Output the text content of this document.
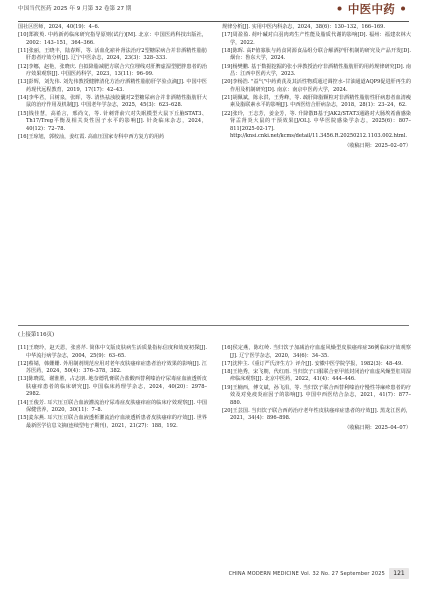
中国当代医药 2025 年 9 月第 32 卷第 27 期	• 中医中药 •

国社区医师，2024，40(19)：4–6.

[10]郑筱萸. 中药新药临床研究指导原则(试行)[M]. 北京：中国医药科技出版社，2002：143–151，364–366.

[11]张丽，王晓丰，陆春辉，等. 活血化瘀补肾法治疗2型糖尿病合并非酒精性脂肪肝患者疗效分析[J]. 辽宁中医杂志，2024，23(3)：328–333.

[12]李娜，赵艳，张晓庆. 自拟降脂减肥方联合穴位埋线对肝脾虚湿型肥胖患者的治疗效果观察[J]. 中国医药科学，2023，13(11)：96–99.

[13]彭辉，刘先伟. 刘先伟教授健脾清化方治疗酒精性脂肪肝学验点滴[J]. 中国中医药现代远程教育，2019，17(17)：42–43.

[14]李华君，吕树泉，张晖，等. 清热祛浊胶囊对2型糖尿病合并非酒精性脂肪肝大鼠的治疗作用及机制[J]. 中国老年学杂志，2025，45(3)：623–628.

[15]钱佳慧，高希言，邢尚文，等. 针刺背俞穴对失眠模型大鼠下丘脑STAT3、Th17/Treg平衡及相关炎性因子水平的影响[J]. 针灸临床杂志，2024，40(12)：72–78.

[16]王琼旭，郭校汕，姜红霞. 高血压国家专科中西方复方的用药

规律分析[J]. 实用中医内科杂志，2024，38(6)：130–132，166–169.

[17]周盈盈. 荷叶碱对白羽肉鸡生产性能及脂质代谢的影响[D]. 福州：福建农林大学，2022.

[18]陈晖. 高F值寡肽与药食同源食品组分联合解酒护肝机制的研究及产品开发[D]. 烟台：鲁东大学，2024.

[19]杨樊鹏. 基于数据挖掘的张小萍教授治疗非酒精性脂肪肝的用药规律研究[D]. 南昌：江西中医药大学，2023.

[20]李杨浩. "益气"中药黄芪及其活性物质通过调控水–甘油通道AQP9促进肝再生的作用及机制研究[D]. 南京：南京中医药大学，2024.

[21]胡佩斌，陈永洪，王秀峰，等. 疏肝降脂颗粒对非酒精性脂肪性肝病患者血清瘦素及脂联素水平的影响[J]. 中西医结合肝病杂志，2018，28(1)：23–24，62.

[22]张玲，王志芳，姜金芳，等. 升降散B基于JAK2/STAT3通路对大肠埃希菌感染肾盂肾炎大鼠的干预效果[J/OL]. 中华医院感染学杂志，2025(6)：807–811[2025-02-17]. http://knsi.cnki.net/kcms/detail/11.3456.R.20250212.1103.002.html.

（收稿日期：2025–02–07）
(上接第116页)

[11]王晓玲，赵天恩，张喜芹. 简体中文版皮肤病生活质量指标信度和效度初探[J]. 中华流行病学杂志，2004，25(9)：63–65.

[12]蔡婧，韩姗姗. 外用制剂规范应用对老年皮肤瘙痒症患者治疗效果的影响[J]. 江苏医药，2024，50(4)：376–378，382.

[13]陈晓霞，谢淮胜，占志朋. 地奈德乳膏联合盐酸西替利嗪治疗尿毒症血液透析皮肤瘙痒患者的临床研究[J]. 中国临床药理学杂志，2024，40(20)：2978–2982.

[14]王俊芳. 耳穴压豆联合血液灌流治疗尿毒症皮肤瘙痒症的临床疗效观察[J]. 中国保健营养，2020，30(11)：7–8.

[15]麦东燕. 耳穴压豆联合血液透析灌流治疗血液透析患者皮肤瘙痒的疗效[J]. 世界最新医学信息文摘(连续型电子期刊)，2021，21(27)：188，192.

[16]侯定燕，陈红岭. 当归饮子加减治疗血虚风燥型皮肤瘙痒症36例临床疗效观察[J]. 辽宁医学杂志，2020，34(6)：34–35.

[17]沈仲主.《重订严氏济生方》评介[J]. 安徽中医学院学报，1982(3)：48–49.

[18]王艳秀，宋飞朝，代红雨. 当归饮子口服联合亚甲蓝封闭治疗血虚风燥型肛周湿疹临床观察[J]. 北京中医药，2022，41(4)：444–446.

[19]王楠西，傅文斌，孙飞涓，等. 当归饮子联合西替利嗪治疗慢性荨麻疹患者的疗效及对免疫炎症因子的影响[J]. 中国中西医结合杂志，2021，41(7)：877–880.

[20]王芸国. 当归饮子联合西药治疗老年性皮肤瘙痒症患者的疗效[J]. 黑龙江医药，2021，34(4)：896–898.

（收稿日期：2025–04–07）
CHINA MODERN MEDICINE Vol. 32 No. 27 September 2025	121
